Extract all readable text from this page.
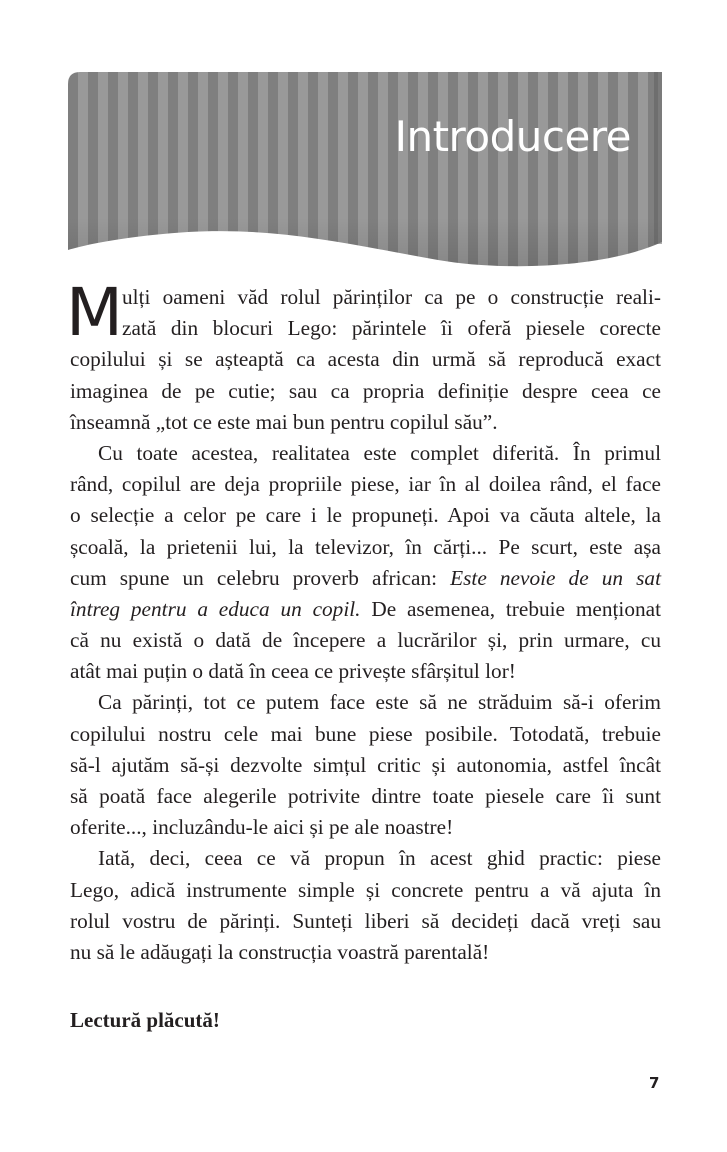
Introducere
M ulți oameni văd rolul părinților ca pe o construcție reali-
zată din blocuri Lego: părintele îi oferă piesele corecte
copilului și se așteaptă ca acesta din urmă să reproducă exact
imaginea de pe cutie; sau ca propria definiție despre ceea ce
înseamnă „tot ce este mai bun pentru copilul său”.
Cu toate acestea, realitatea este complet diferită. În primul
rând, copilul are deja propriile piese, iar în al doilea rând, el face
o selecție a celor pe care i le propuneți. Apoi va căuta altele, la
școală, la prietenii lui, la televizor, în cărți... Pe scurt, este așa
cum spune un celebru proverb african: Este nevoie de un sat
întreg pentru a educa un copil. De asemenea, trebuie menționat
că nu există o dată de începere a lucrărilor și, prin urmare, cu
atât mai puțin o dată în ceea ce privește sfârșitul lor!
Ca părinți, tot ce putem face este să ne străduim să-i oferim
copilului nostru cele mai bune piese posibile. Totodată, trebuie
să-l ajutăm să-și dezvolte simțul critic și autonomia, astfel încât
să poată face alegerile potrivite dintre toate piesele care îi sunt
oferite..., incluzându-le aici și pe ale noastre!
Iată, deci, ceea ce vă propun în acest ghid practic: piese
Lego, adică instrumente simple și concrete pentru a vă ajuta în
rolul vostru de părinți. Sunteți liberi să decideți dacă vreți sau
nu să le adăugați la construcția voastră parentală!
Lectură plăcută!
7
